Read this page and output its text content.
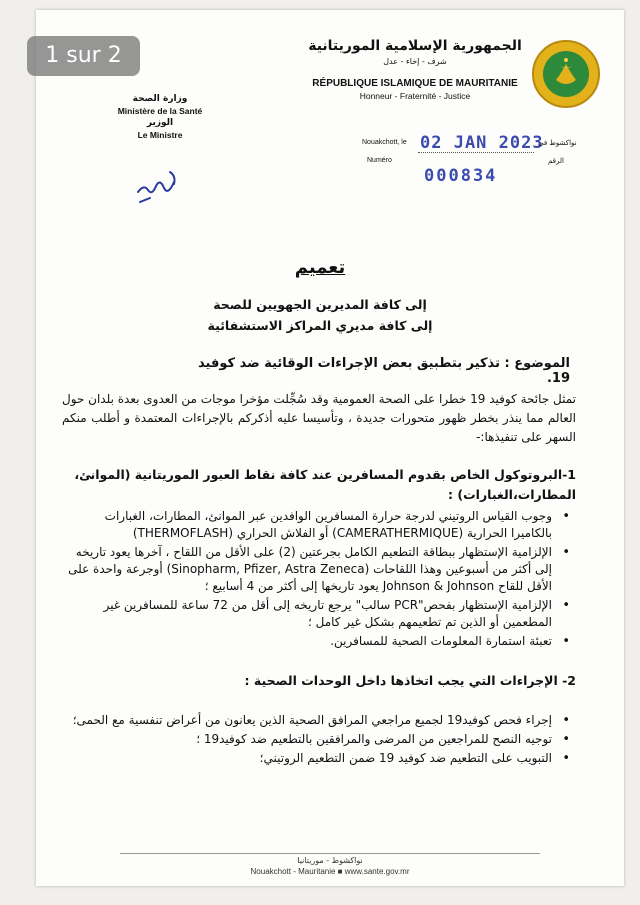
1 sur 2	الجمهورية الإسلامية الموريتانية
شرف - إخاء - عدل
RÉPUBLIQUE ISLAMIQUE DE MAURITANIE
Honneur - Fraternité - Justice
وزارة الصحة
Ministère de la Santé
الوزير
Le Ministre
Nouakchott, le 02 JAN 2023
نواكشوط في
Numéro	الرقم
000834
تعميم
إلى كافة المديرين الجهويين للصحة
إلى كافة مديري المراكز الاستشفائية
الموضوع : تذكير بتطبيق بعض الإجراءات الوقائية ضد كوفيد 19.
تمثل جائحة كوفيد 19 خطرا على الصحة العمومية وقد سُجِّلت مؤخرا موجات من العدوى بعدة بلدان حول العالم مما ينذر بخطر ظهور متحورات جديدة ، وتأسيسا عليه أذكركم بالإجراءات المعتمدة و أطلب منكم السهر على تنفيذها:-
1-البروتوكول الخاص بقدوم المسافرين عند كافة نقاط العبور الموريتانية (الموانئ، المطارات،الغبارات) :
• وجوب القياس الروتيني لدرجة حرارة المسافرين الوافدين عبر الموانئ، المطارات، الغبارات بالكاميرا الحرارية (CAMERATHERMIQUE) أو الفلاش الحراري (THERMOFLASH)
• الإلزامية الإستظهار ببطاقة التطعيم الكامل بجرعتين (2) على الأقل من اللقاح ، آخرها يعود تاريخه إلى أكثر من أسبوعين وهذا اللقاحات (Sinopharm, Pfizer, Astra Zeneca) أوجرعة واحدة على الأقل للقاح Johnson & Johnson يعود تاريخها إلى أكثر من 4 أسابيع ؛
• الإلزامية الإستظهار بفحص"PCR سالب" يرجع تاريخه إلى أقل من 72 ساعة للمسافرين غير المطعمين أو الذين تم تطعيمهم بشكل غير كامل ؛
• تعبئة استمارة المعلومات الصحية للمسافرين.
2- الإجراءات التي يجب اتخاذها داخل الوحدات الصحية :
• إجراء فحص كوفيد19 لجميع مراجعي المرافق الصحية الذين يعانون من أعراض تنفسية مع الحمى؛
• توجيه النصح للمراجعين من المرضى والمرافقين بالتطعيم ضد كوفيد19 ؛
• التبويب على التطعيم ضد كوفيد 19 ضمن التطعيم الروتيني؛
نواكشوط - موريتانيا
Nouakchott - Mauritanie ■ www.sante.gov.mr
